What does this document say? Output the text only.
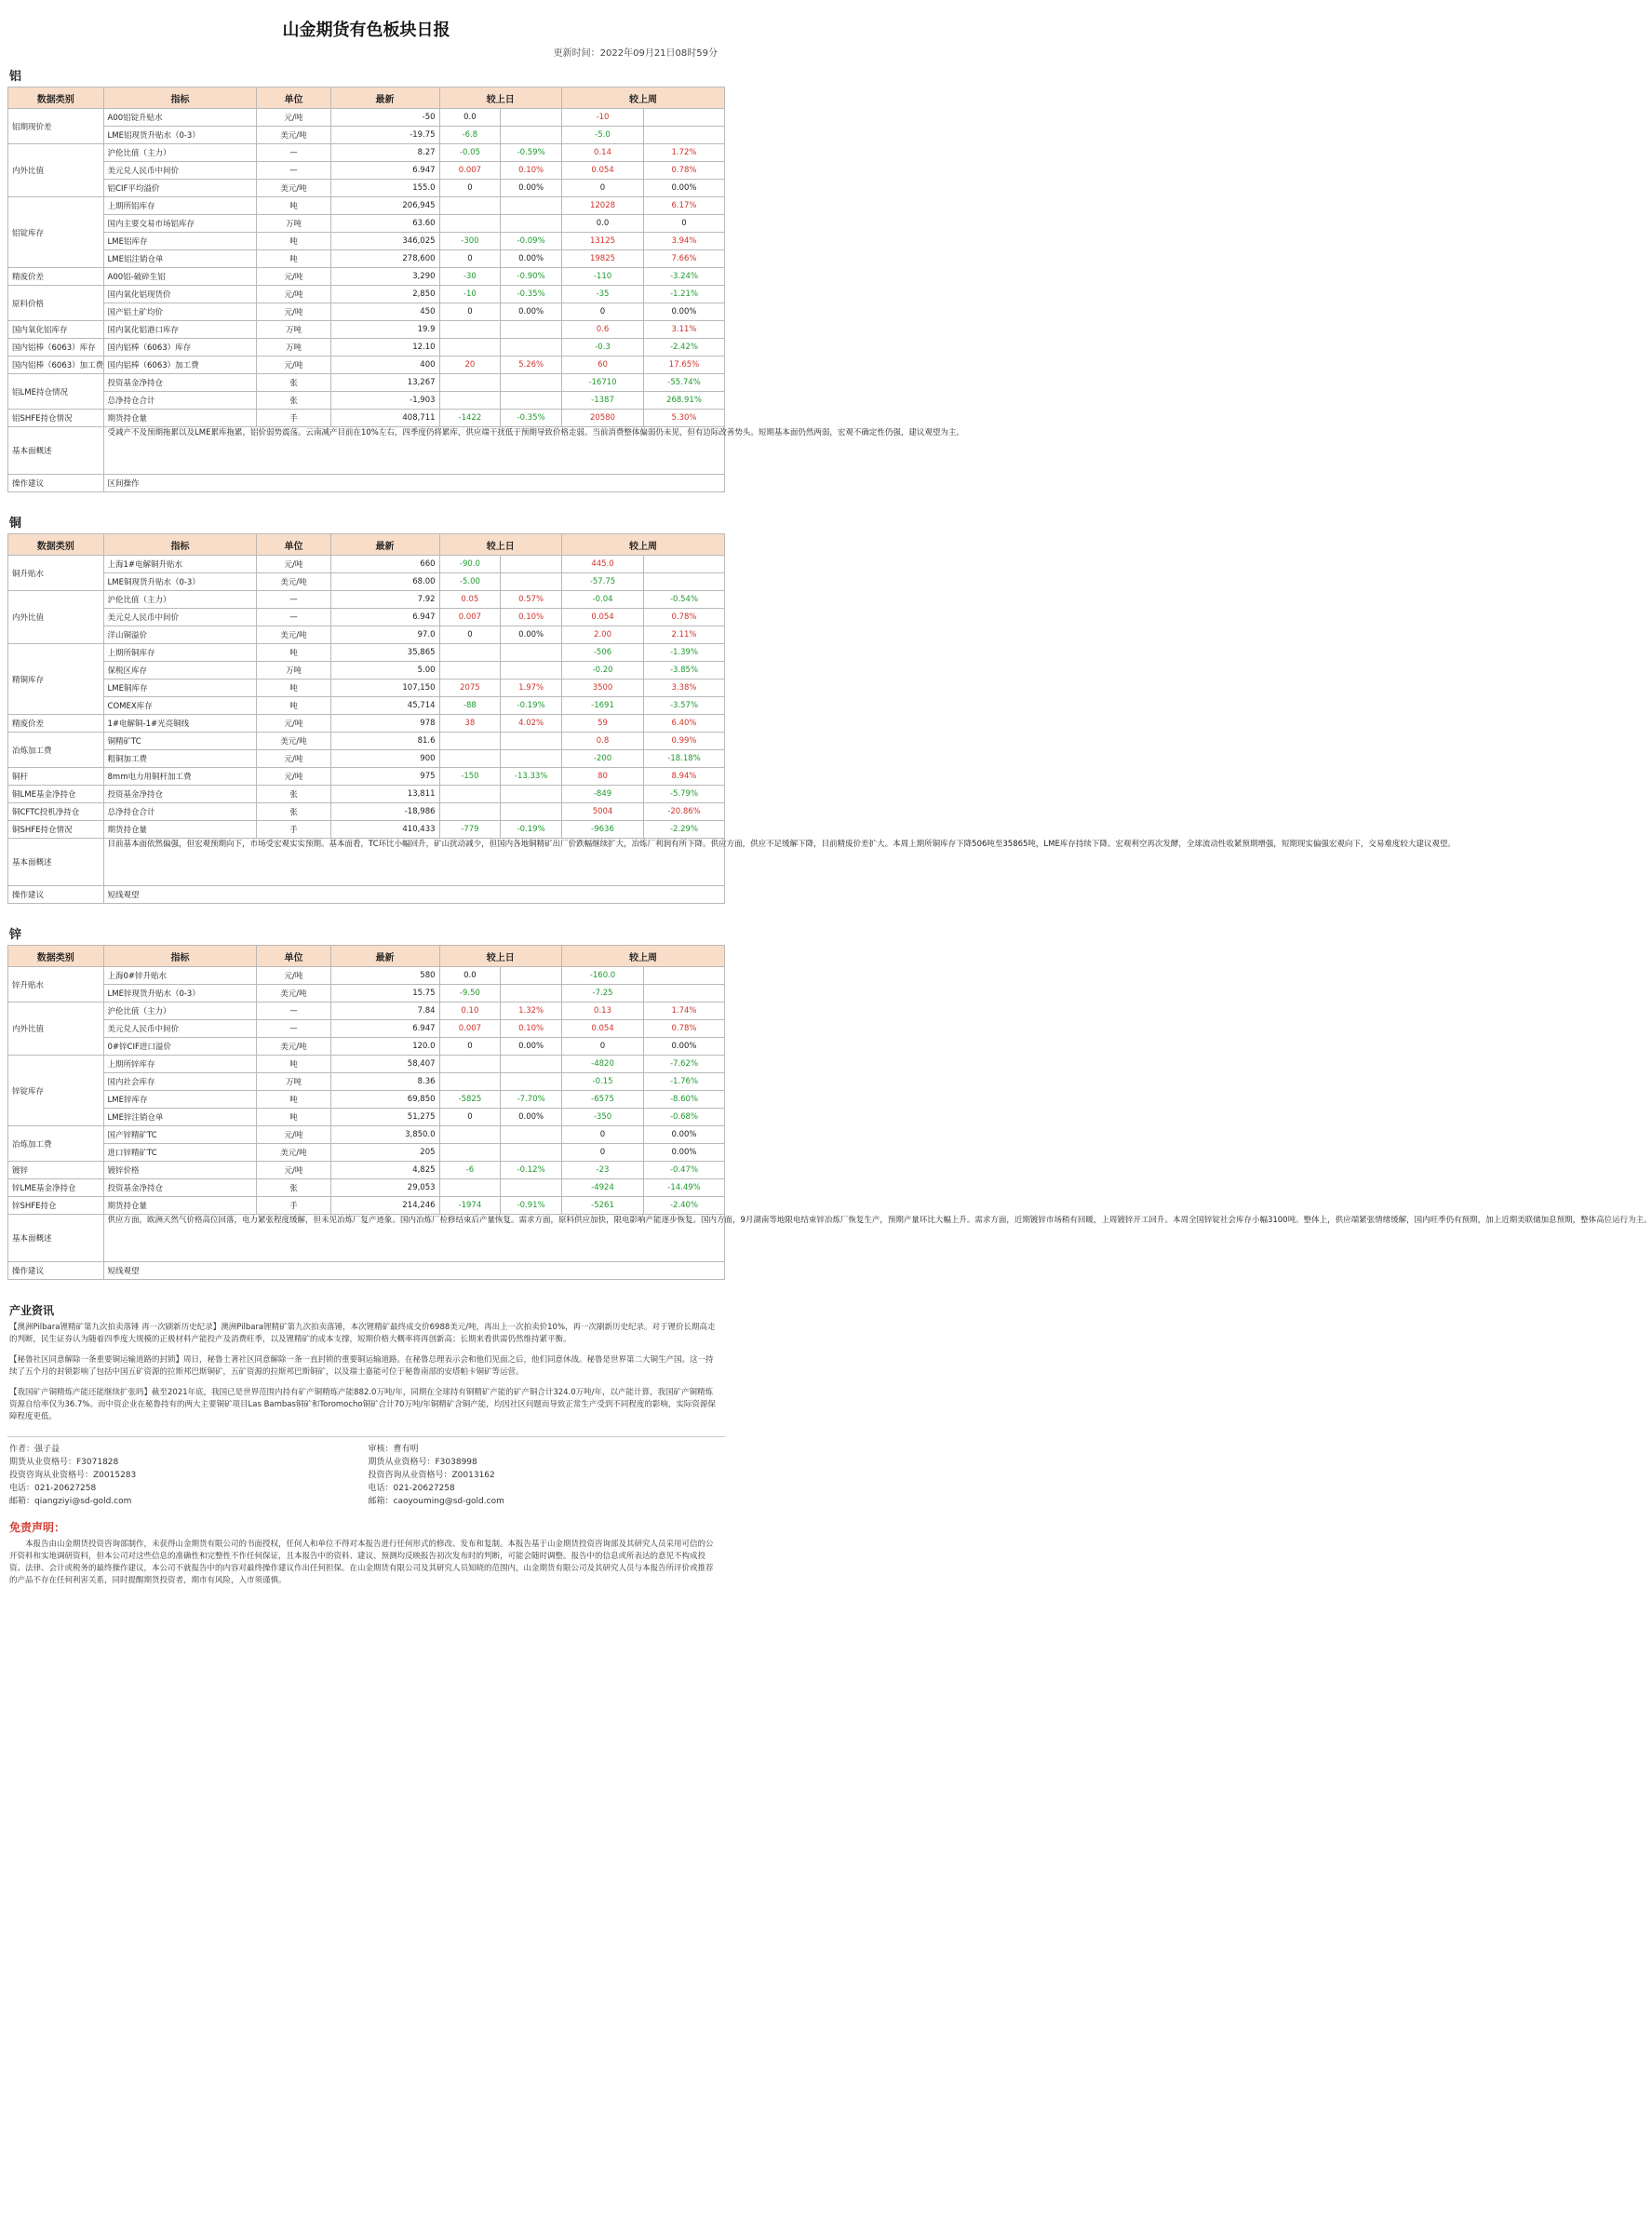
山金期货有色板块日报
更新时间：2022年09月21日08时59分
铝
数据类别	指标	单位	最新	较上日		较上周	
铝期现价差	A00铝锭升贴水	元/吨	-50	0.0		-10	
	LME铝现货升贴水（0-3）	美元/吨	-19.75	-6.8		-5.0	
内外比值	沪伦比值（主力）	—	8.27	-0.05	-0.59%	0.14	1.72%
	美元兑人民币中间价	—	6.947	0.007	0.10%	0.054	0.78%
	铝CIF平均溢价	美元/吨	155.0	0	0.00%	0	0.00%
铝锭库存	上期所铝库存	吨	206,945			12028	6.17%
	国内主要交易市场铝库存	万吨	63.60			0.0	0
	LME铝库存	吨	346,025	-300	-0.09%	13125	3.94%
	LME铝注销仓单	吨	278,600	0	0.00%	19825	7.66%
精废价差	A00铝-破碎生铝	元/吨	3,290	-30	-0.90%	-110	-3.24%
原料价格	国内氧化铝现货价	元/吨	2,850	-10	-0.35%	-35	-1.21%
	国产铝土矿均价	元/吨	450	0	0.00%	0	0.00%
国内氧化铝库存	国内氧化铝港口库存	万吨	19.9			0.6	3.11%
国内铝棒（6063）库存	国内铝棒（6063）库存	万吨	12.10			-0.3	-2.42%
国内铝棒（6063）加工费	国内铝棒（6063）加工费	元/吨	400	20	5.26%	60	17.65%
铝LME持仓情况	投资基金净持仓	张	13,267			-16710	-55.74%
	总净持仓合计	张	-1,903			-1387	268.91%
铝SHFE持仓情况	期货持仓量	手	408,711	-1422	-0.35%	20580	5.30%
基本面概述	受减产不及预期拖累以及LME累库拖累，铝价弱势震荡。云南减产目前在10%左右，四季度仍将累库，供应端干扰低于预期导致价格走弱。当前消费整体偏弱仍未见，但有边际改善势头。短期基本面仍然两弱，宏观不确定性仍强，建议观望为主。						
操作建议	区间操作						
铜
数据类别	指标	单位	最新	较上日		较上周	
铜升贴水	上海1#电解铜升贴水	元/吨	660	-90.0		445.0	
	LME铜现货升贴水（0-3）	美元/吨	68.00	-5.00		-57.75	
内外比值	沪伦比值（主力）	—	7.92	0.05	0.57%	-0.04	-0.54%
	美元兑人民币中间价	—	6.947	0.007	0.10%	0.054	0.78%
	洋山铜溢价	美元/吨	97.0	0	0.00%	2.00	2.11%
精铜库存	上期所铜库存	吨	35,865			-506	-1.39%
	保税区库存	万吨	5.00			-0.20	-3.85%
	LME铜库存	吨	107,150	2075	1.97%	3500	3.38%
	COMEX库存	吨	45,714	-88	-0.19%	-1691	-3.57%
精废价差	1#电解铜-1#光亮铜线	元/吨	978	38	4.02%	59	6.40%
冶炼加工费	铜精矿TC	美元/吨	81.6			0.8	0.99%
	粗铜加工费	元/吨	900			-200	-18.18%
铜杆	8mm电力用铜杆加工费	元/吨	975	-150	-13.33%	80	8.94%
铜LME基金净持仓	投资基金净持仓	张	13,811			-849	-5.79%
铜CFTC投机净持仓	总净持仓合计	张	-18,986			5004	-20.86%
铜SHFE持仓情况	期货持仓量	手	410,433	-779	-0.19%	-9636	-2.29%
基本面概述	目前基本面依然偏强，但宏观预期向下，市场受宏观实实预期。基本面看，TC环比小幅回升，矿山扰动减少，但国内各地铜精矿出厂价跌幅继续扩大，冶炼厂利润有所下降。供应方面，供应不足缓解下降，目前精废价差扩大。本周上期所铜库存下降506吨至35865吨，LME库存持续下降。宏观利空再次发酵，全球流动性收紧预期增强，短期现实偏强宏观向下，交易难度较大建议观望。						
操作建议	短线观望						
锌
数据类别	指标	单位	最新	较上日		较上周	
锌升贴水	上海0#锌升贴水	元/吨	580	0.0		-160.0	
	LME锌现货升贴水（0-3）	美元/吨	15.75	-9.50		-7.25	
内外比值	沪伦比值（主力）	—	7.84	0.10	1.32%	0.13	1.74%
	美元兑人民币中间价	—	6.947	0.007	0.10%	0.054	0.78%
	0#锌CIF进口溢价	美元/吨	120.0	0	0.00%	0	0.00%
锌锭库存	上期所锌库存	吨	58,407			-4820	-7.62%
	国内社会库存	万吨	8.36			-0.15	-1.76%
	LME锌库存	吨	69,850	-5825	-7.70%	-6575	-8.60%
	LME锌注销仓单	吨	51,275	0	0.00%	-350	-0.68%
冶炼加工费	国产锌精矿TC	元/吨	3,850.0			0	0.00%
	进口锌精矿TC	美元/吨	205			0	0.00%
镀锌	镀锌价格	元/吨	4,825	-6	-0.12%	-23	-0.47%
锌LME基金净持仓	投资基金净持仓	张	29,053			-4924	-14.49%
锌SHFE持仓	期货持仓量	手	214,246	-1974	-0.91%	-5261	-2.40%
基本面概述	供应方面，欧洲天然气价格高位回落，电力紧张程度缓解，但未见冶炼厂复产迹象。国内冶炼厂检修结束后产量恢复。需求方面，原料供应加快，限电影响产能逐步恢复。国内方面，9月湖南等地限电结束锌冶炼厂恢复生产，预期产量环比大幅上升。需求方面，近期镀锌市场稍有回暖，上周镀锌开工回升。本周全国锌锭社会库存小幅3100吨。整体上，供应端紧张情绪缓解，国内旺季仍有预期，加上近期美联储加息预期，整体高位运行为主。						
操作建议	短线观望						
产业资讯

【澳洲Pilbara锂精矿第九次拍卖落锤 再一次刷新历史纪录】澳洲Pilbara锂精矿第九次拍卖落锤，本次锂精矿最终成交价6988美元/吨，再出上一次拍卖价10%，再一次刷新历史纪录。对于锂价长期高走的判断，民生证券认为随着四季度大规模的正极材料产能投产及消费旺季，以及锂精矿的成本支撑，短期价格大概率将再创新高；长期来看供需仍然维持紧平衡。

【秘鲁社区同意解除一条重要铜运输道路的封锁】周日，秘鲁土著社区同意解除一条一直封锁的重要铜运输道路。在秘鲁总理表示会和他们见面之后，他们同意休战。秘鲁是世界第二大铜生产国。这一持续了五个月的封锁影响了包括中国五矿资源的拉斯邦巴斯铜矿，五矿资源的拉斯邦巴斯铜矿，以及瑞士嘉能可位于秘鲁南部的安塔帕卡铜矿等运营。

【我国矿产铜精炼产能还能继续扩张吗】截至2021年底，我国已是世界范围内持有矿产铜精炼产能882.0万吨/年，同期在全球持有铜精矿产能的矿产铜合计324.0万吨/年，以产能计算，我国矿产铜精炼资源自给率仅为36.7%。而中资企业在秘鲁持有的两大主要铜矿项目Las Bambas铜矿和Toromocho铜矿合计70万吨/年铜精矿含铜产能，均因社区问题而导致正常生产受到不同程度的影响，实际资源保障程度更低。

作者：强子益
期货从业资格号：F3071828
投资咨询从业资格号：Z0015283
电话：021-20627258
邮箱：qiangziyi@sd-gold.com
审核：曹有明
期货从业资格号：F3038998
投资咨询从业资格号：Z0013162
电话：021-20627258
邮箱：caoyouming@sd-gold.com
免责声明：
本报告由山金期货投资咨询部制作，未获得山金期货有限公司的书面授权，任何人和单位不得对本报告进行任何形式的修改、发布和复制。本报告基于山金期货投资咨询部及其研究人员采用可信的公开资料和实地调研资料，但本公司对这些信息的准确性和完整性不作任何保证，且本报告中的资料、建议、预测均反映报告初次发布时的判断，可能会随时调整。报告中的信息或所表达的意见不构成投资、法律、会计或税务的最终操作建议，本公司不就报告中的内容对最终操作建议作出任何担保。在山金期货有限公司及其研究人员知晓的范围内，山金期货有限公司及其研究人员与本报告所评价或推荐的产品不存在任何利害关系，同时提醒期货投资者，期市有风险，入市须谨慎。
